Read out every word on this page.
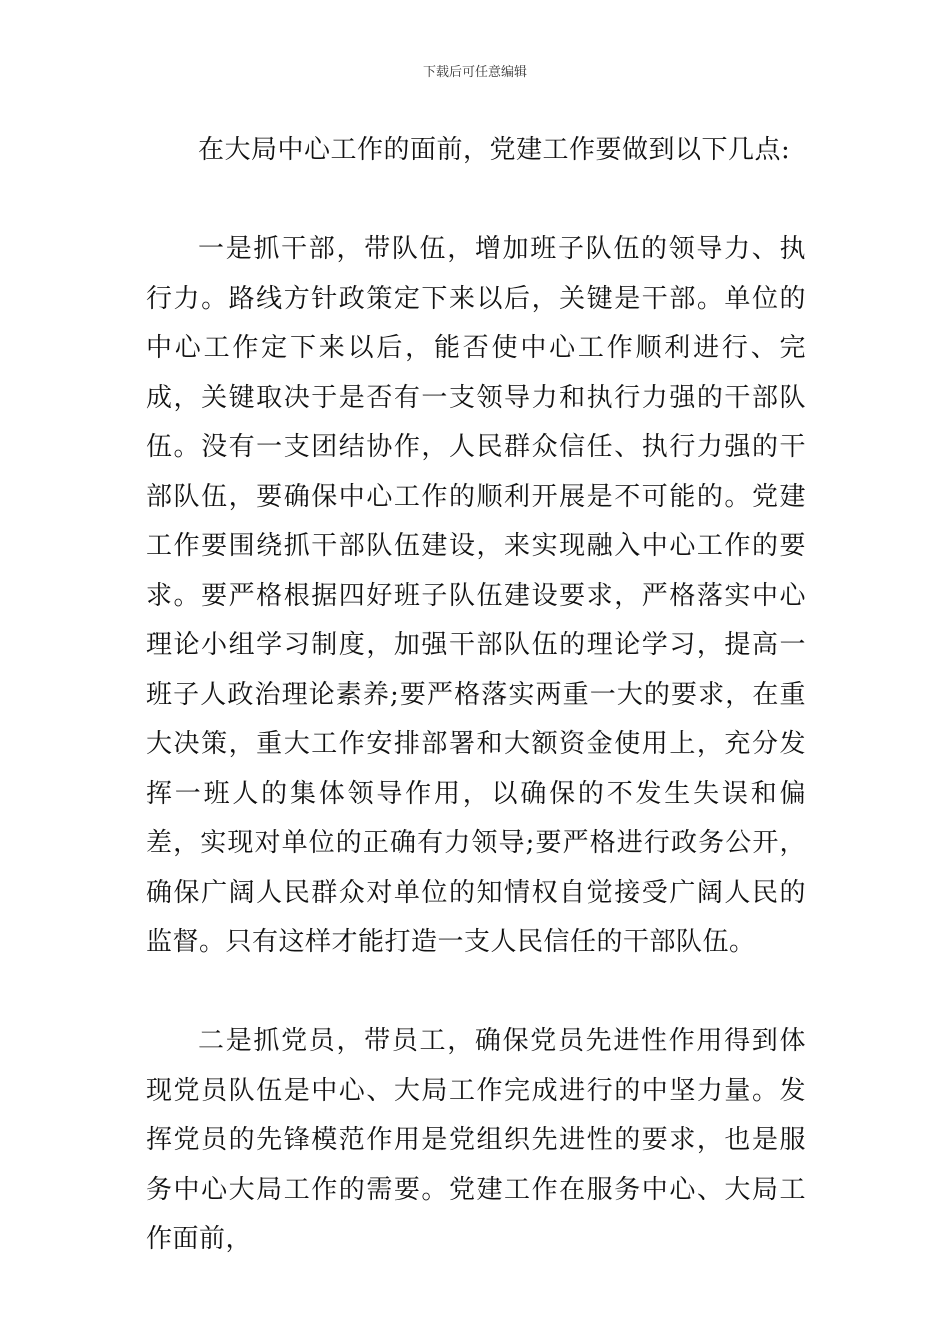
下载后可任意编辑

在大局中心工作的面前，党建工作要做到以下几点:

一是抓干部，带队伍，增加班子队伍的领导力、执行力。路线方针政策定下来以后，关键是干部。单位的中心工作定下来以后，能否使中心工作顺利进行、完成，关键取决于是否有一支领导力和执行力强的干部队伍。没有一支团结协作，人民群众信任、执行力强的干部队伍，要确保中心工作的顺利开展是不可能的。党建工作要围绕抓干部队伍建设，来实现融入中心工作的要求。要严格根据四好班子队伍建设要求，严格落实中心理论小组学习制度，加强干部队伍的理论学习，提高一班子人政治理论素养;要严格落实两重一大的要求，在重大决策，重大工作安排部署和大额资金使用上，充分发挥一班人的集体领导作用，以确保的不发生失误和偏差，实现对单位的正确有力领导;要严格进行政务公开，确保广阔人民群众对单位的知情权自觉接受广阔人民的监督。只有这样才能打造一支人民信任的干部队伍。

二是抓党员，带员工，确保党员先进性作用得到体现党员队伍是中心、大局工作完成进行的中坚力量。发挥党员的先锋模范作用是党组织先进性的要求，也是服务中心大局工作的需要。党建工作在服务中心、大局工作面前，
